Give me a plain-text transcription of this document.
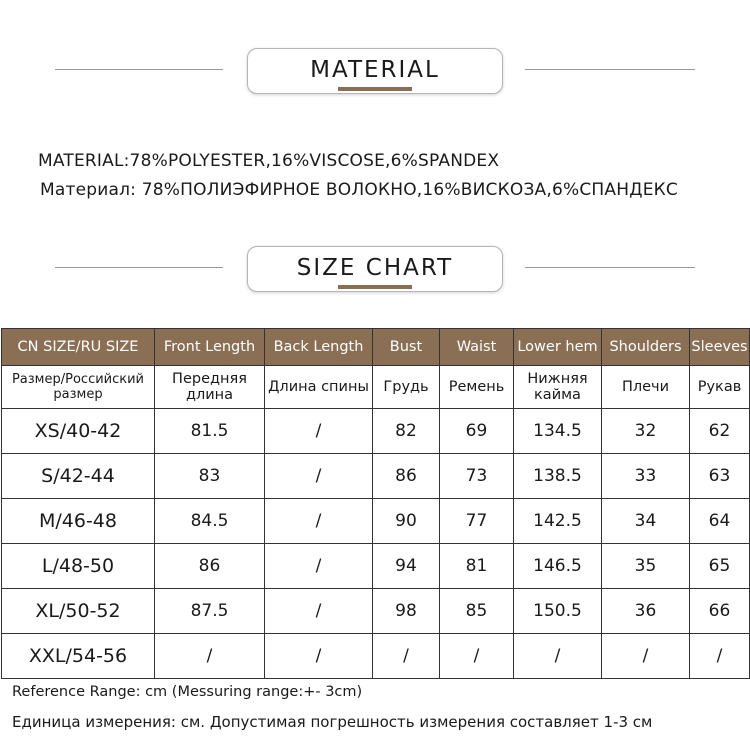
MATERIAL
MATERIAL:78%POLYESTER,16%VISCOSE,6%SPANDEX
Материал: 78%ПОЛИЭФИРНОЕ ВОЛОКНО,16%ВИСКОЗА,6%СПАНДЕКС
SIZE CHART
CN SIZE/RU SIZE	Front Length	Back Length	Bust	Waist	Lower hem	Shoulders	Sleeves
Размер/Российский размер	Передняя длина	Длина спины	Грудь	Ремень	Нижняя кайма	Плечи	Рукав
XS/40-42	81.5	/	82	69	134.5	32	62
S/42-44	83	/	86	73	138.5	33	63
M/46-48	84.5	/	90	77	142.5	34	64
L/48-50	86	/	94	81	146.5	35	65
XL/50-52	87.5	/	98	85	150.5	36	66
XXL/54-56	/	/	/	/	/	/	/
Reference Range: cm (Messuring range:+- 3cm)
Единица измерения: см. Допустимая погрешность измерения составляет 1-3 см
